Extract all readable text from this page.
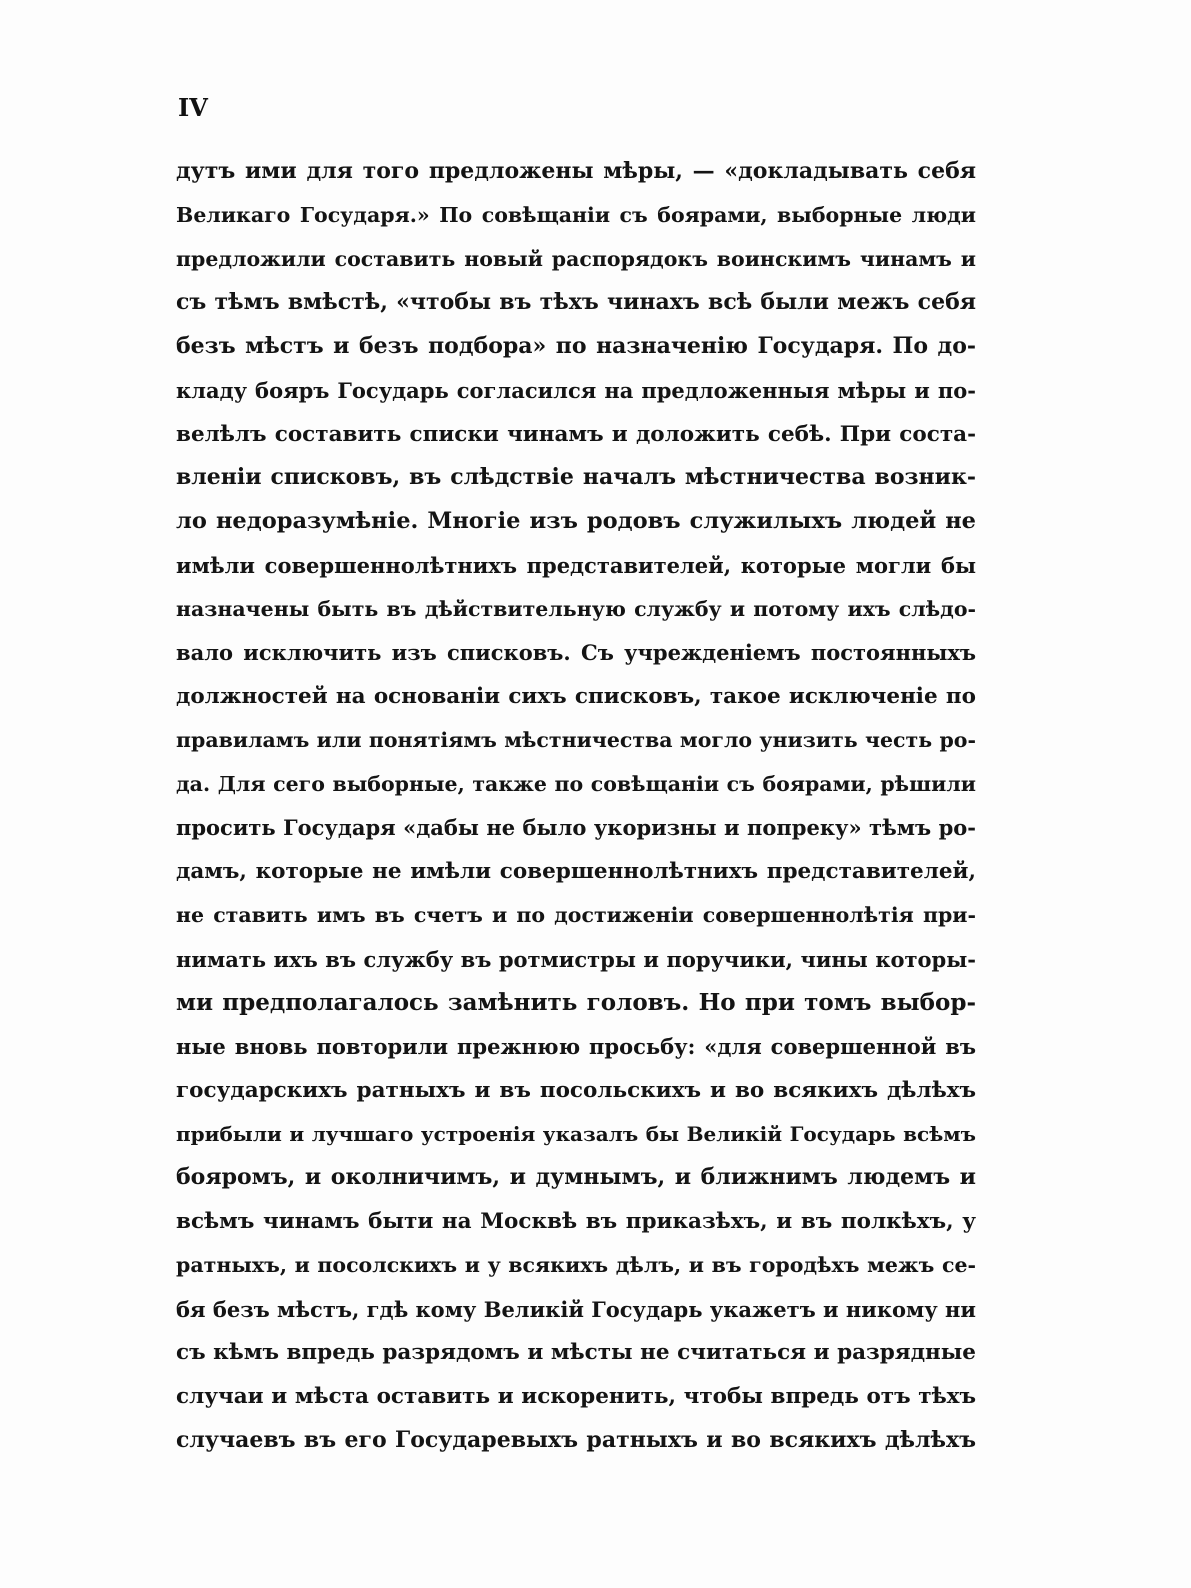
IV
дутъ ими для того предложены мѣры, — «докладывать себя
Великаго Государя.» По совѣщаніи съ боярами, выборные люди
предложили составить новый распорядокъ воинскимъ чинамъ и
съ тѣмъ вмѣстѣ, «чтобы въ тѣхъ чинахъ всѣ были межъ себя
безъ мѣстъ и безъ подбора» по назначенію Государя. По до-
кладу бояръ Государь согласился на предложенныя мѣры и по-
велѣлъ составить списки чинамъ и доложить себѣ. При соста-
вленіи списковъ, въ слѣдствіе началъ мѣстничества возник-
ло недоразумѣніе. Многіе изъ родовъ служилыхъ людей не
имѣли совершеннолѣтнихъ представителей, которые могли бы
назначены быть въ дѣйствительную службу и потому ихъ слѣдо-
вало исключить изъ списковъ. Съ учрежденіемъ постоянныхъ
должностей на основаніи сихъ списковъ, такое исключеніе по
правиламъ или понятіямъ мѣстничества могло унизить честь ро-
да. Для сего выборные, также по совѣщаніи съ боярами, рѣшили
просить Государя «дабы не было укоризны и попреку» тѣмъ ро-
дамъ, которые не имѣли совершеннолѣтнихъ представителей,
не ставить имъ въ счетъ и по достиженіи совершеннолѣтія при-
нимать ихъ въ службу въ ротмистры и поручики, чины которы-
ми предполагалось замѣнить головъ. Но при томъ выбор-
ные вновь повторили прежнюю просьбу: «для совершенной въ
государскихъ ратныхъ и въ посольскихъ и во всякихъ дѣлѣхъ
прибыли и лучшаго устроенія указалъ бы Великій Государь всѣмъ
бояромъ, и околничимъ, и думнымъ, и ближнимъ людемъ и
всѣмъ чинамъ быти на Москвѣ въ приказѣхъ, и въ полкѣхъ, у
ратныхъ, и посолскихъ и у всякихъ дѣлъ, и въ городѣхъ межъ се-
бя безъ мѣстъ, гдѣ кому Великій Государь укажетъ и никому ни
съ кѣмъ впредь разрядомъ и мѣсты не считаться и разрядные
случаи и мѣста оставить и искоренить, чтобы впредь отъ тѣхъ
случаевъ въ его Государевыхъ ратныхъ и во всякихъ дѣлѣхъ
